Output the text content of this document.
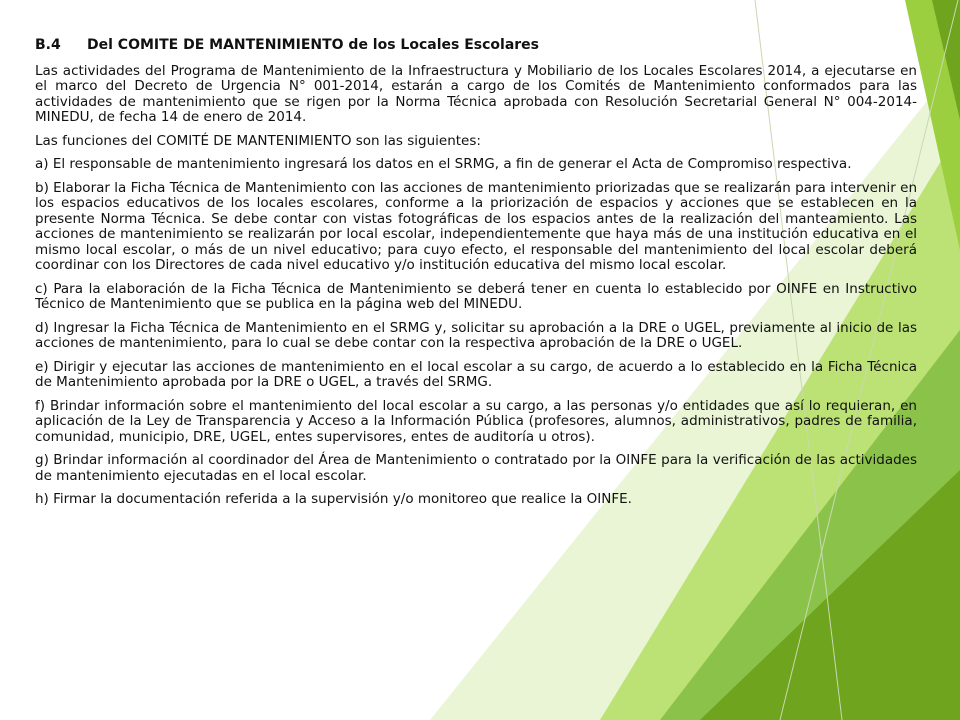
B.4 Del COMITE DE MANTENIMIENTO de los Locales Escolares

Las actividades del Programa de Mantenimiento de la Infraestructura y Mobiliario de los Locales Escolares 2014, a ejecutarse en el marco del Decreto de Urgencia N° 001-2014, estarán a cargo de los Comités de Mantenimiento conformados para las actividades de mantenimiento que se rigen por la Norma Técnica aprobada con Resolución Secretarial General N° 004-2014-MINEDU, de fecha 14 de enero de 2014.

Las funciones del COMITÉ DE MANTENIMIENTO son las siguientes:

a) El responsable de mantenimiento ingresará los datos en el SRMG, a fin de generar el Acta de Compromiso respectiva.

b) Elaborar la Ficha Técnica de Mantenimiento con las acciones de mantenimiento priorizadas que se realizarán para intervenir en los espacios educativos de los locales escolares, conforme a la priorización de espacios y acciones que se establecen en la presente Norma Técnica. Se debe contar con vistas fotográficas de los espacios antes de la realización del manteamiento. Las acciones de mantenimiento se realizarán por local escolar, independientemente que haya más de una institución educativa en el mismo local escolar, o más de un nivel educativo; para cuyo efecto, el responsable del mantenimiento del local escolar deberá coordinar con los Directores de cada nivel educativo y/o institución educativa del mismo local escolar.

c) Para la elaboración de la Ficha Técnica de Mantenimiento se deberá tener en cuenta lo establecido por OINFE en Instructivo Técnico de Mantenimiento que se publica en la página web del MINEDU.

d) Ingresar la Ficha Técnica de Mantenimiento en el SRMG y, solicitar su aprobación a la DRE o UGEL, previamente al inicio de las acciones de mantenimiento, para lo cual se debe contar con la respectiva aprobación de la DRE o UGEL.

e) Dirigir y ejecutar las acciones de mantenimiento en el local escolar a su cargo, de acuerdo a lo establecido en la Ficha Técnica de Mantenimiento aprobada por la DRE o UGEL, a través del SRMG.

f) Brindar información sobre el mantenimiento del local escolar a su cargo, a las personas y/o entidades que así lo requieran, en aplicación de la Ley de Transparencia y Acceso a la Información Pública (profesores, alumnos, administrativos, padres de familia, comunidad, municipio, DRE, UGEL, entes supervisores, entes de auditoría u otros).

g) Brindar información al coordinador del Área de Mantenimiento o contratado por la OINFE para la verificación de las actividades de mantenimiento ejecutadas en el local escolar.

h) Firmar la documentación referida a la supervisión y/o monitoreo que realice la OINFE.
